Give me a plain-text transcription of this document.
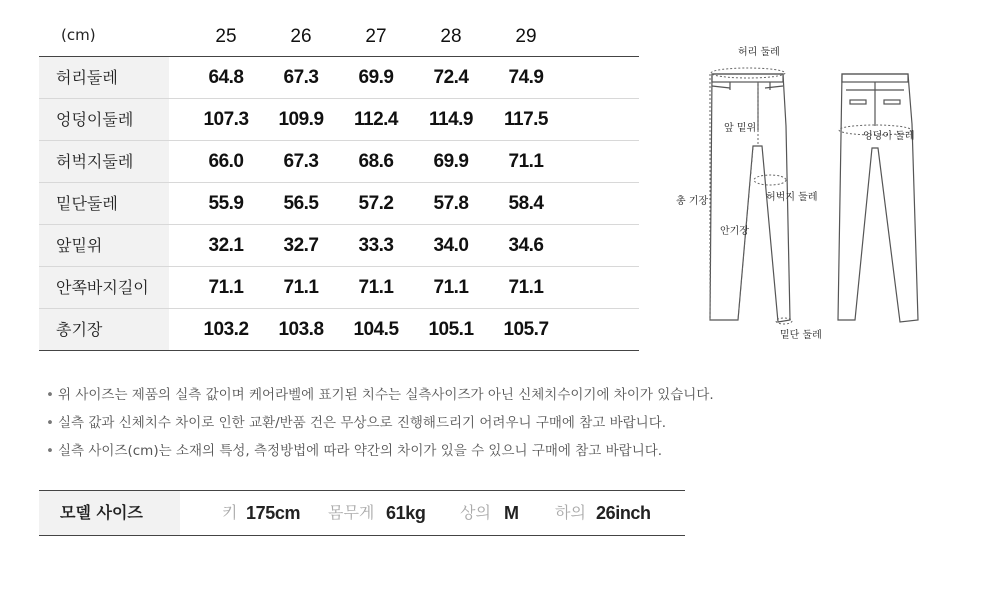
(cm)	25	26	27	28	29
허리둘레	64.8	67.3	69.9	72.4	74.9
엉덩이둘레	107.3	109.9	112.4	114.9	117.5
허벅지둘레	66.0	67.3	68.6	69.9	71.1
밑단둘레	55.9	56.5	57.2	57.8	58.4
앞밑위	32.1	32.7	33.3	34.0	34.6
안쪽바지길이	71.1	71.1	71.1	71.1	71.1
총기장	103.2	103.8	104.5	105.1	105.7
허리 둘레
앞 밑위
총 기장	허벅지 둘레
안기장
밑단 둘레
엉덩이 둘레
• 위 사이즈는 제품의 실측 값이며 케어라벨에 표기된 치수는 실측사이즈가 아닌 신체치수이기에 차이가 있습니다.
• 실측 값과 신체치수 차이로 인한 교환/반품 건은 무상으로 진행해드리기 어려우니 구매에 참고 바랍니다.
• 실측 사이즈(cm)는 소재의 특성, 측정방법에 따라 약간의 차이가 있을 수 있으니 구매에 참고 바랍니다.
모델 사이즈	키 175cm 몸무게 61kg 상의 M 하의 26inch
